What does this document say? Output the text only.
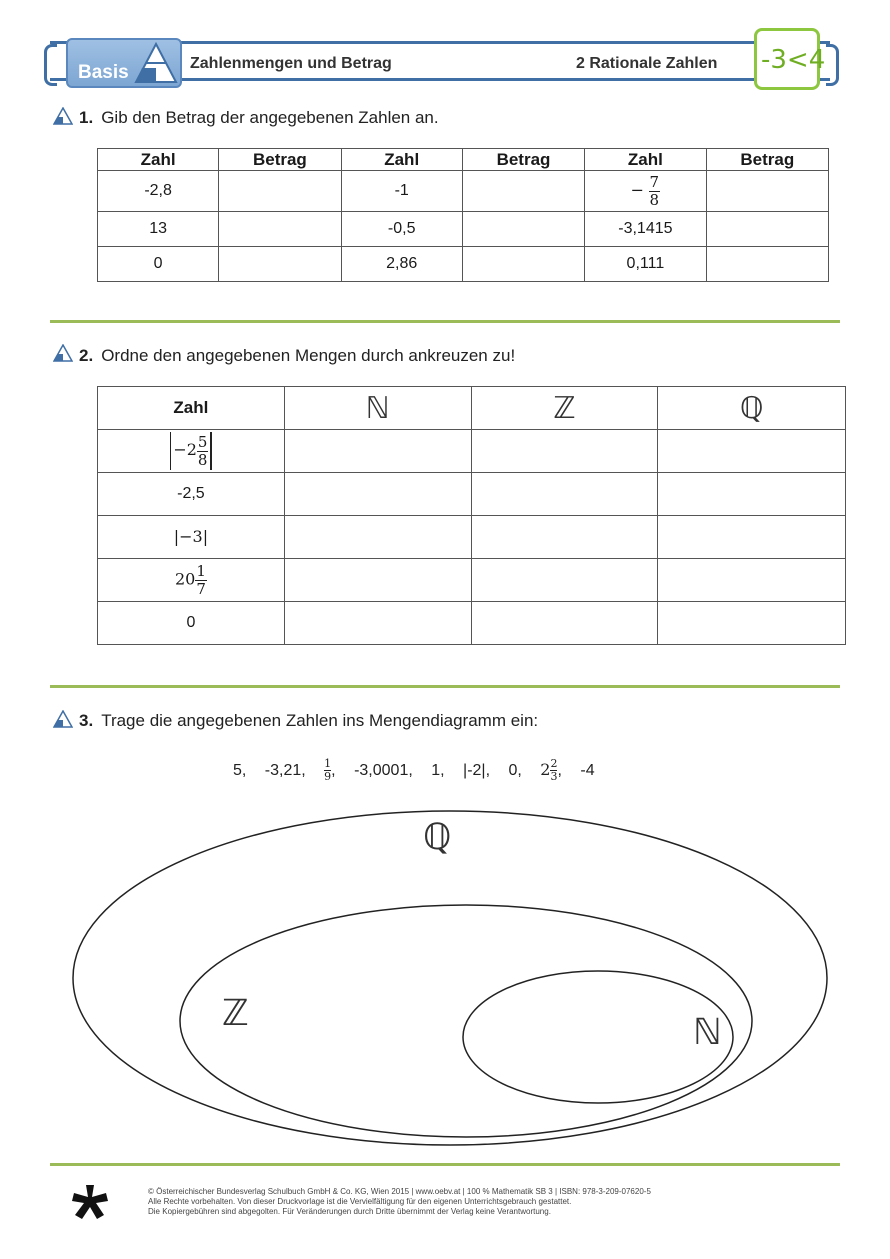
Basis	Zahlenmengen und Betrag	2 Rationale Zahlen -3<4
1. Gib den Betrag der angegebenen Zahlen an.
Zahl	Betrag	Zahl	Betrag	Zahl	Betrag
-2,8		-1		− $\frac{7}{8}$

13		-0,5		-3,1415	
0		2,86		0,111	
2. Ordne den angegebenen Mengen durch ankreuzen zu!
Zahl	ℕ	ℤ	ℚ
$-2 \frac{5}{8}$

-2,5			
|−3|			
$20 \frac{1}{7}$

0			
3. Trage die angegebenen Zahlen ins Mengendiagramm ein:
5, -3,21, $\frac{1}{9}$ , -3,0001, 1, |-2|, 0, $2 \frac{2}{3}$ , -4
ℚ
ℤ	ℕ
© Österreichischer Bundesverlag Schulbuch GmbH & Co. KG, Wien 2015 | www.oebv.at | 100 % Mathematik SB 3 | ISBN: 978-3-209-07620-5
Alle Rechte vorbehalten. Von dieser Druckvorlage ist die Vervielfältigung für den eigenen Unterrichtsgebrauch gestattet.
Die Kopiergebühren sind abgegolten. Für Veränderungen durch Dritte übernimmt der Verlag keine Verantwortung.
